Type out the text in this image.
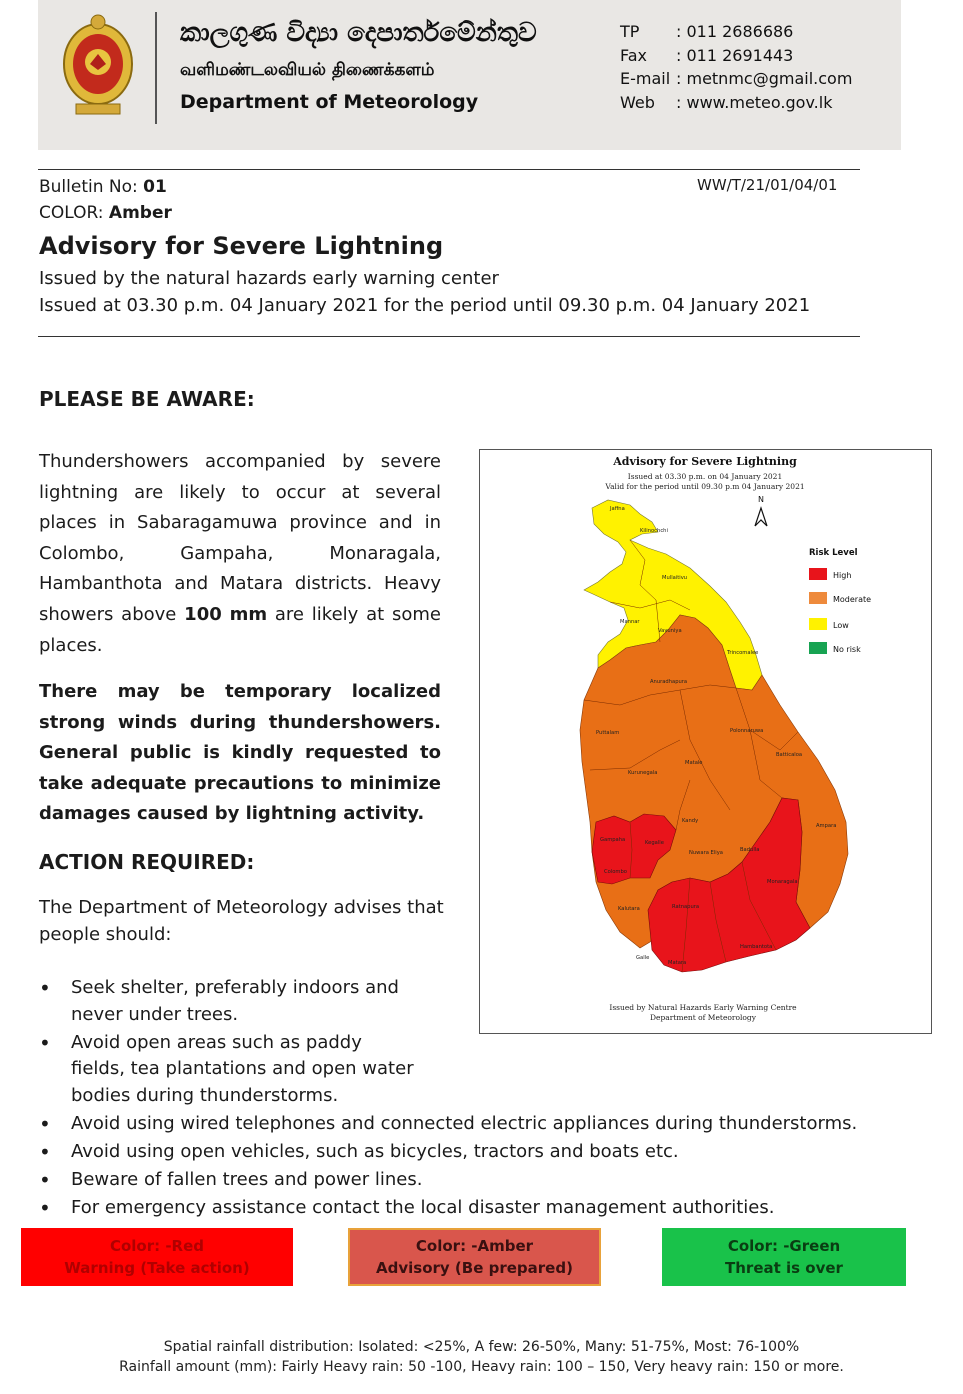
කාලගුණ විද්‍යා දෙපාර්තමේන්තුව
வளிமண்டலவியல் திணைக்களம்
Department of Meteorology
TP	: 011 2686686
Fax	: 011 2691443
E-mail : metnmc@gmail.com
Web	: www.meteo.gov.lk
Bulletin No: 01
COLOR: Amber
WW/T/21/01/04/01
Advisory for Severe Lightning
Issued by the natural hazards early warning center
Issued at 03.30 p.m. 04 January 2021 for the period until 09.30 p.m. 04 January 2021
PLEASE BE AWARE:
Thundershowers accompanied by severe lightning are likely to occur at several places in Sabaragamuwa province and in Colombo, Gampaha, Monaragala, Hambanthota and Matara districts. Heavy showers above 100 mm are likely at some places.
There may be temporary localized strong winds during thundershowers. General public is kindly requested to take adequate precautions to minimize damages caused by lightning activity.
ACTION REQUIRED:
The Department of Meteorology advises that people should:
• Seek shelter, preferably indoors and never under trees.
• Avoid open areas such as paddy fields, tea plantations and open water bodies during thunderstorms.
• Avoid using wired telephones and connected electric appliances during thunderstorms.
• Avoid using open vehicles, such as bicycles, tractors and boats etc.
• Beware of fallen trees and power lines.
• For emergency assistance contact the local disaster management authorities.
Advisory for Severe Lightning
Issued at 03.30 p.m. on 04 January 2021
Valid for the period until 09.30 p.m 04 January 2021
N
Jaffna
Kilinochchi
Mullaitivu
Mannar
Vavuniya
Trincomalee
Anuradhapura
Puttalam	Polonnaruwa
Batticaloa
Matale
Kurunegala
Kandy
Ampara
Gampaha	Kegalle
Nuwara Eliya	Badulla
Colombo
Kalutara	Ratnapura
Monaragala
Galle
Matara
Hambantota
Risk Level
High
Moderate
Low
No risk
Issued by Natural Hazards Early Warning Centre
Department of Meteorology
Color: -Red
Warning (Take action)
Color: -Amber
Advisory (Be prepared)
Color: -Green
Threat is over
Spatial rainfall distribution: Isolated: <25%, A few: 26-50%, Many: 51-75%, Most: 76-100%
Rainfall amount (mm): Fairly Heavy rain: 50 -100, Heavy rain: 100 – 150, Very heavy rain: 150 or more.
